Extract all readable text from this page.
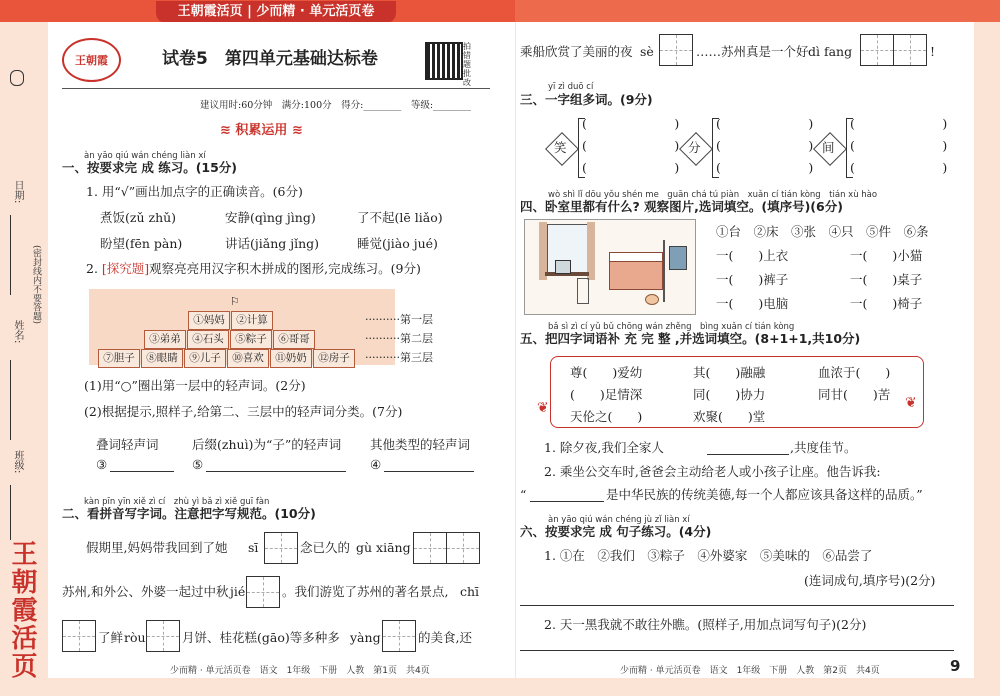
王朝霞活页 | 少而精 · 单元活页卷
日期:
(密封线内不要答题)
姓名:
班级:
王朝霞活页
王朝霞	试卷5　第四单元基础达标卷
拍错题批改
建议用时:60分钟　满分:100分　得分:________　等级:________
≋ 积累运用 ≋
àn yāo qiú wán chéng liàn xí
一、按要求完 成 练习。(15分)
1. 用“√”画出加点字的正确读音。(6分)
煮饭(zǔ zhǔ)	安静(qìng jìng)	了不起(lē liǎo)
盼望(fēn pàn)	讲话(jiǎng jǐng)	睡觉(jiào jué)
2. [探究题]观察亮亮用汉字积木拼成的图形,完成练习。(9分)
①妈妈	②计算
③弟弟	④石头	⑤粽子	⑥哥哥
⑦胆子	⑧眼睛	⑨儿子	⑩喜欢	⑪奶奶	⑫房子
⚐
··········第一层
··········第二层
··········第三层
(1)用“○”圈出第一层中的轻声词。(2分)
(2)根据提示,照样子,给第二、三层中的轻声词分类。(7分)
叠词轻声词	后缀(zhuì)为“子”的轻声词 其他类型的轻声词
③	⑤	④
kàn pīn yīn xiě zì cí　zhù yì bǎ zì xiě guī fàn
二、看拼音写字词。注意把字写规范。(10分)
假期里,妈妈带我回到了她 sī	念已久的 gù xiāng
苏州,和外公、外婆一起过中秋 jié	。我们游览了苏州的著名景点, chī
了鲜 ròu	月饼、桂花糕(gāo)等多种多 yàng	的美食,还
少而精 · 单元活页卷　语文　1年级　下册　人教　第1页　共4页
乘船欣赏了美丽的夜 sè	……苏州真是一个好 dì fang	!
yī zì duō cí
三、一字组多词。(9分)
笑
(　　　　　　　)
(　　　　　　　)
(　　　　　　　)
分
(　　　　　　　)
(　　　　　　　)
(　　　　　　　)
间
(　　　　　　　)
(　　　　　　　)
(　　　　　　　)
wò shì lǐ dōu yǒu shén me　guān chá tú piàn　xuǎn cí tián kòng　tián xù hào
四、卧室里都有什么? 观察图片,选词填空。(填序号)(6分)
①台　②床　③张　④只　⑤件　⑥条
一(　　)上衣	一(　　)小猫
一(　　)裤子	一(　　)桌子
一(　　)电脑	一(　　)椅子
bǎ sì zì cí yǔ bǔ chōng wán zhěng　bìng xuǎn cí tián kòng
五、把四字词语补 充 完 整 ,并选词填空。(8+1+1,共10分)
尊(　　)爱幼	其(　　)融融	血浓于(　　)
(　　)足情深	同(　　)协力	同甘(　　)苦
天伦之(　　)	欢聚(　　)堂
❦	❦
1. 除夕夜,我们全家人	,共度佳节。
2. 乘坐公交车时,爸爸会主动给老人或小孩子让座。他告诉我:
“	是中华民族的传统美德,每一个人都应该具备这样的品质。”
àn yāo qiú wán chéng jù zǐ liàn xí
六、按要求完 成 句子练习。(4分)
1. ①在　②我们　③粽子　④外婆家　⑤美味的　⑥品尝了
(连词成句,填序号)(2分)
2. 天一黑我就不敢往外瞧。(照样子,用加点词写句子)(2分)
少而精 · 单元活页卷　语文　1年级　下册　人教　第2页　共4页	9
